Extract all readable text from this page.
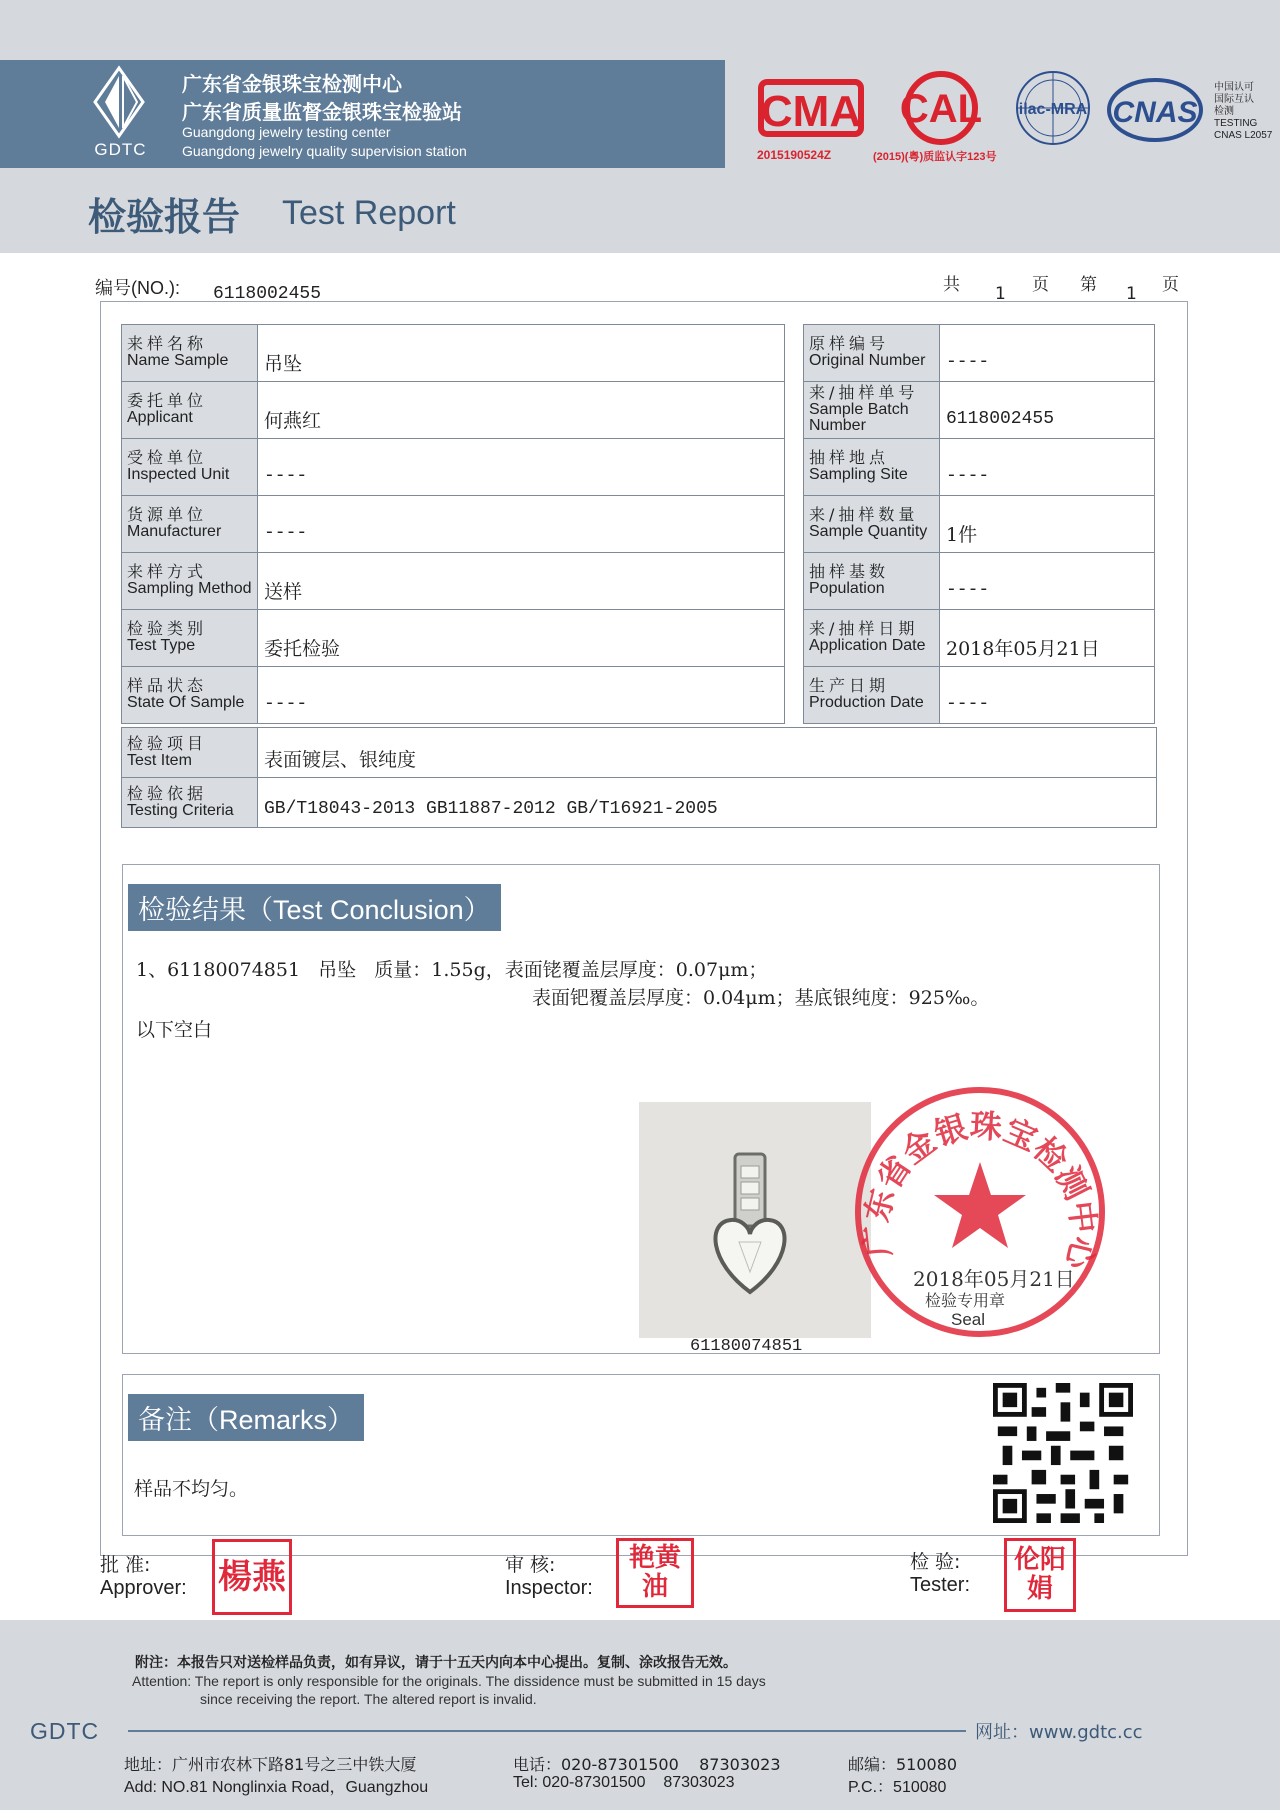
GDTC
广东省金银珠宝检测中心
广东省质量监督金银珠宝检验站
Guangdong jewelry testing center
Guangdong jewelry quality supervision station
CMA CAL ilac-MRA CNAS
2015190524Z	(2015)(粤)质监认字123号
中国认可
国际互认
检测
TESTING
CNAS L2057
检验报告 Test Report
编号(NO.): 6118002455	共 1 页 第 1 页
来样名称
Name Sample	吊坠

委托单位
Applicant	何燕红

受检单位
Inspected Unit	----

货源单位
Manufacturer	----

来样方式
Sampling Method	送样

检验类别
Test Type	委托检验

样品状态
State Of Sample	----
原样编号
Original Number	----

来/抽样单号
Sample Batch Number	6118002455

抽样地点
Sampling Site	----

来/抽样数量
Sample Quantity	1件

抽样基数
Population	----

来/抽样日期
Application Date	2018年05月21日

生产日期
Production Date	----
检验项目
Test Item	表面镀层、银纯度

检验依据
Testing Criteria	GB/T18043-2013 GB11887-2012 GB/T16921-2005
检验结果（Test Conclusion）
1、61180074851   吊坠   质量：1.55g，表面铑覆盖层厚度：0.07μm；
表面钯覆盖层厚度：0.04μm；基底银纯度：925‰。
以下空白
61180074851
广东省金银珠宝检测中心
2018年05月21日
检验专用章
Seal
备注（Remarks）
样品不均匀。
批 准:
Approver: 楊燕	审 核:
Inspector:
艳黄油
检 验:
Tester:
伦阳娟
附注：本报告只对送检样品负责，如有异议，请于十五天内向本中心提出。复制、涂改报告无效。
Attention: The report is only responsible for the originals. The dissidence must be submitted in 15 days
since receiving the report. The altered report is invalid.
GDTC	网址：www.gdtc.cc
地址：广州市农林下路81号之三中铁大厦
Add: NO.81 Nonglinxia Road，Guangzhou
电话：020-87301500    87303023
Tel: 020-87301500    87303023
邮编：510080
P.C.：510080
